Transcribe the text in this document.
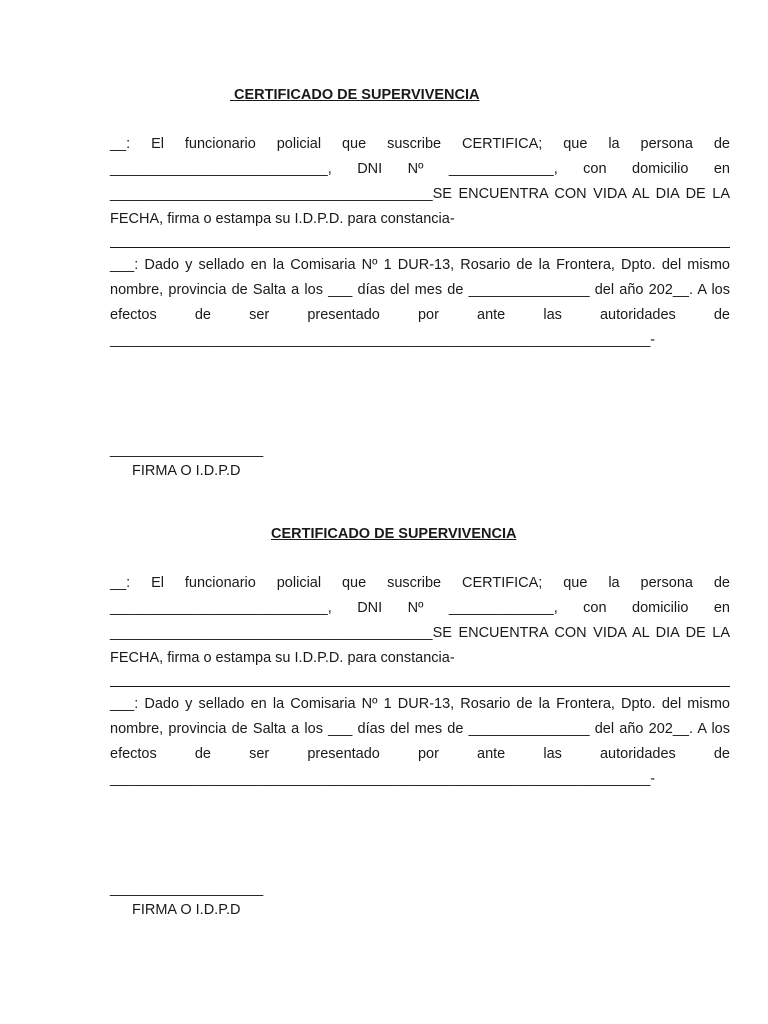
CERTIFICADO DE SUPERVIVENCIA
__: El funcionario policial que suscribe CERTIFICA; que la persona de ___________________________, DNI Nº _____________, con domicilio en ________________________________________SE ENCUENTRA CON VIDA AL DIA DE LA FECHA, firma o estampa su I.D.P.D. para constancia-
___: Dado y sellado en la Comisaria Nº 1 DUR-13, Rosario de la Frontera, Dpto. del mismo nombre, provincia de Salta a los ___ días del mes de _______________ del año 202__. A los efectos de ser presentado por ante las autoridades de ___________________________________________________________________-
___________________
FIRMA O I.D.P.D
CERTIFICADO DE SUPERVIVENCIA
__: El funcionario policial que suscribe CERTIFICA; que la persona de ___________________________, DNI Nº _____________, con domicilio en ________________________________________SE ENCUENTRA CON VIDA AL DIA DE LA FECHA, firma o estampa su I.D.P.D. para constancia-
___: Dado y sellado en la Comisaria Nº 1 DUR-13, Rosario de la Frontera, Dpto. del mismo nombre, provincia de Salta a los ___ días del mes de _______________ del año 202__. A los efectos de ser presentado por ante las autoridades de ___________________________________________________________________-
___________________
FIRMA O I.D.P.D
